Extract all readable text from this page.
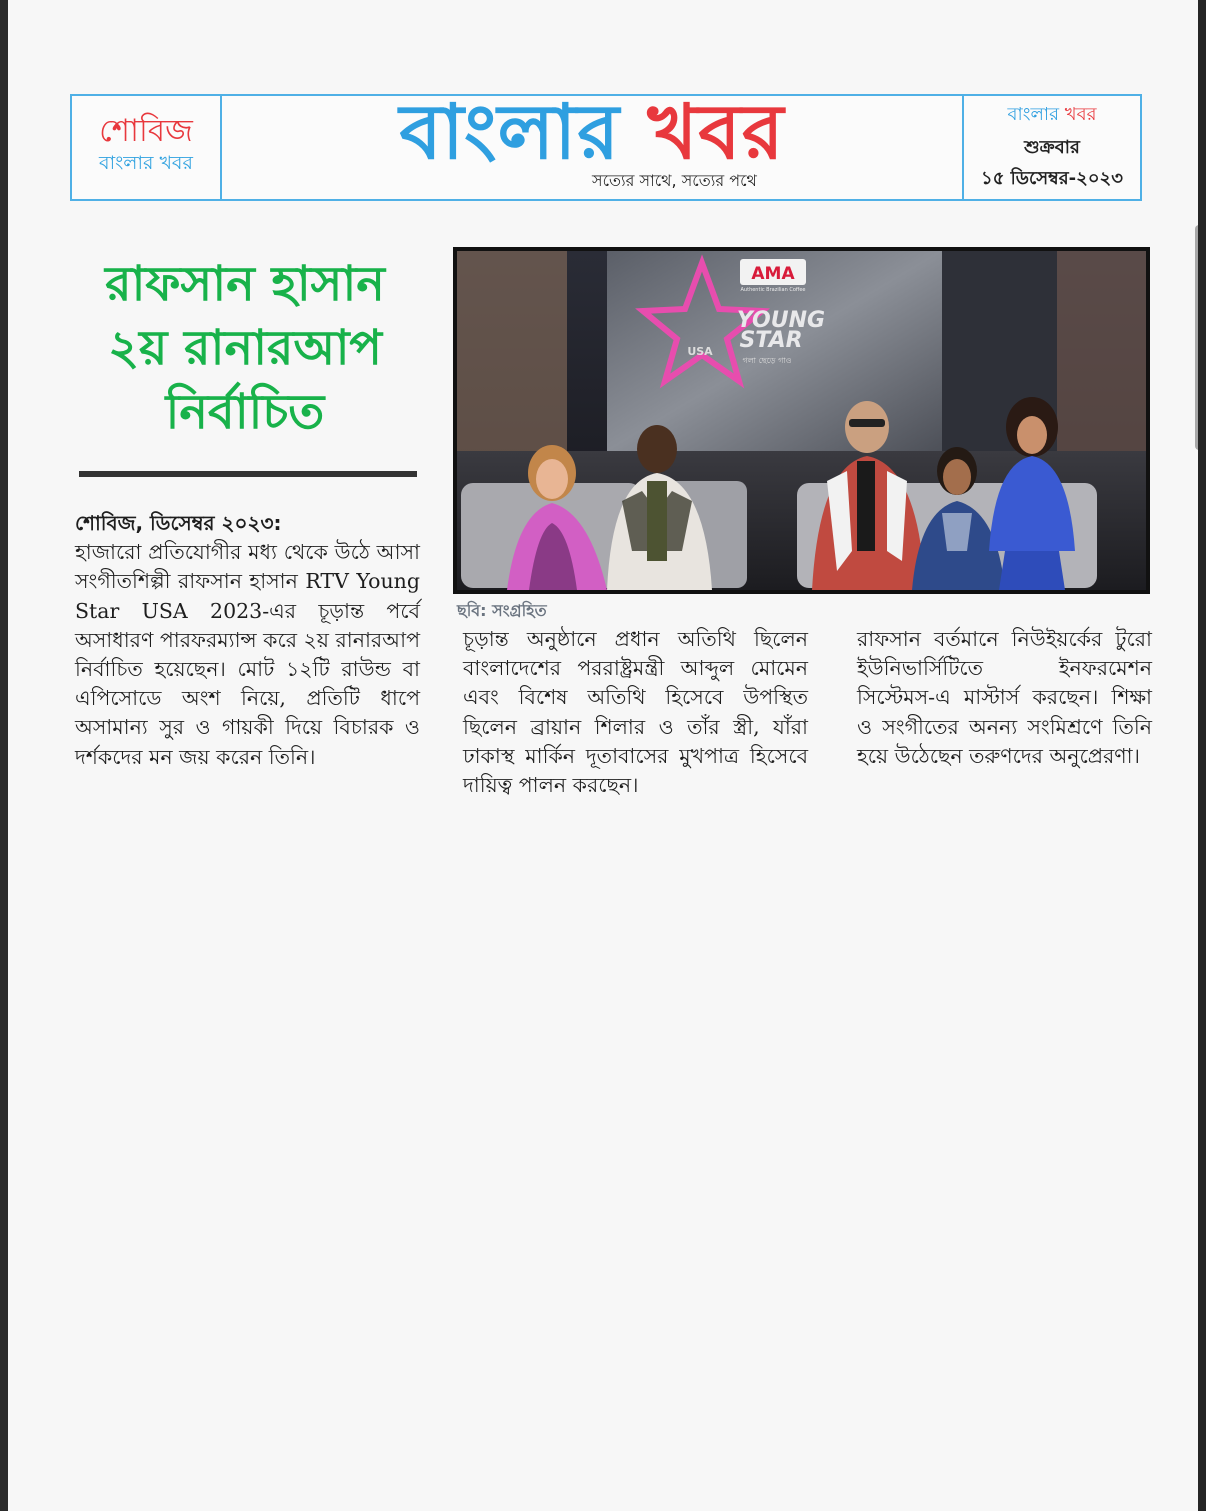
শোবিজ
বাংলার খবর	বাংলার খবর
সত্যের সাথে, সত্যের পথে
বাংলার খবর
শুক্রবার
১৫ ডিসেম্বর-২০২৩
রাফসান হাসান
২য় রানারআপ
নির্বাচিত
শোবিজ, ডিসেম্বর ২০২৩:
হাজারো প্রতিযোগীর মধ্য থেকে উঠে আসা সংগীতশিল্পী রাফসান হাসান RTV Young Star USA 2023-এর চূড়ান্ত পর্বে অসাধারণ পারফরম্যান্স করে ২য় রানারআপ নির্বাচিত হয়েছেন। মোট ১২টি রাউন্ড বা এপিসোডে অংশ নিয়ে, প্রতিটি ধাপে অসামান্য সুর ও গায়কী দিয়ে বিচারক ও দর্শকদের মন জয় করেন তিনি।
AMA
Authentic Brazilian Coffee
YOUNG
STAR
USA
গলা ছেড়ে গাও
ছবি: সংগ্রহিত
চূড়ান্ত অনুষ্ঠানে প্রধান অতিথি ছিলেন বাংলাদেশের পররাষ্ট্রমন্ত্রী আব্দুল মোমেন এবং বিশেষ অতিথি হিসেবে উপস্থিত ছিলেন ব্রায়ান শিলার ও তাঁর স্ত্রী, যাঁরা ঢাকাস্থ মার্কিন দূতাবাসের মুখপাত্র হিসেবে দায়িত্ব পালন করছেন।
রাফসান বর্তমানে নিউইয়র্কের টুরো ইউনিভার্সিটিতে ইনফরমেশন সিস্টেমস-এ মাস্টার্স করছেন। শিক্ষা ও সংগীতের অনন্য সংমিশ্রণে তিনি হয়ে উঠেছেন তরুণদের অনুপ্রেরণা।
